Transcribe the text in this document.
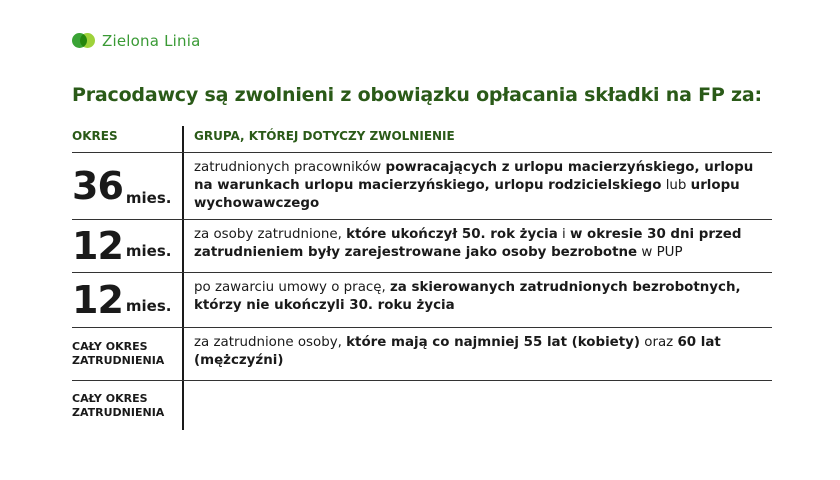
Zielona Linia
Pracodawcy są zwolnieni z obowiązku opłacania składki na FP za:
OKRES	GRUPA, KTÓREJ DOTYCZY ZWOLNIENIE
36 mies.
zatrudnionych pracowników powracających z urlopu macierzyńskiego, urlopu na warunkach urlopu macierzyńskiego, urlopu rodzicielskiego lub urlopu wychowawczego
12 mies.
za osoby zatrudnione, które ukończył 50. rok życia i w okresie 30 dni przed zatrudnieniem były zarejestrowane jako osoby bezrobotne w PUP
12 mies.
po zawarciu umowy o pracę, za skierowanych zatrudnionych bezrobotnych, którzy nie ukończyli 30. roku życia
CAŁY OKRES ZATRUDNIENIA
za zatrudnione osoby, które mają co najmniej 55 lat (kobiety) oraz 60 lat (mężczyźni)
CAŁY OKRES ZATRUDNIENIA
